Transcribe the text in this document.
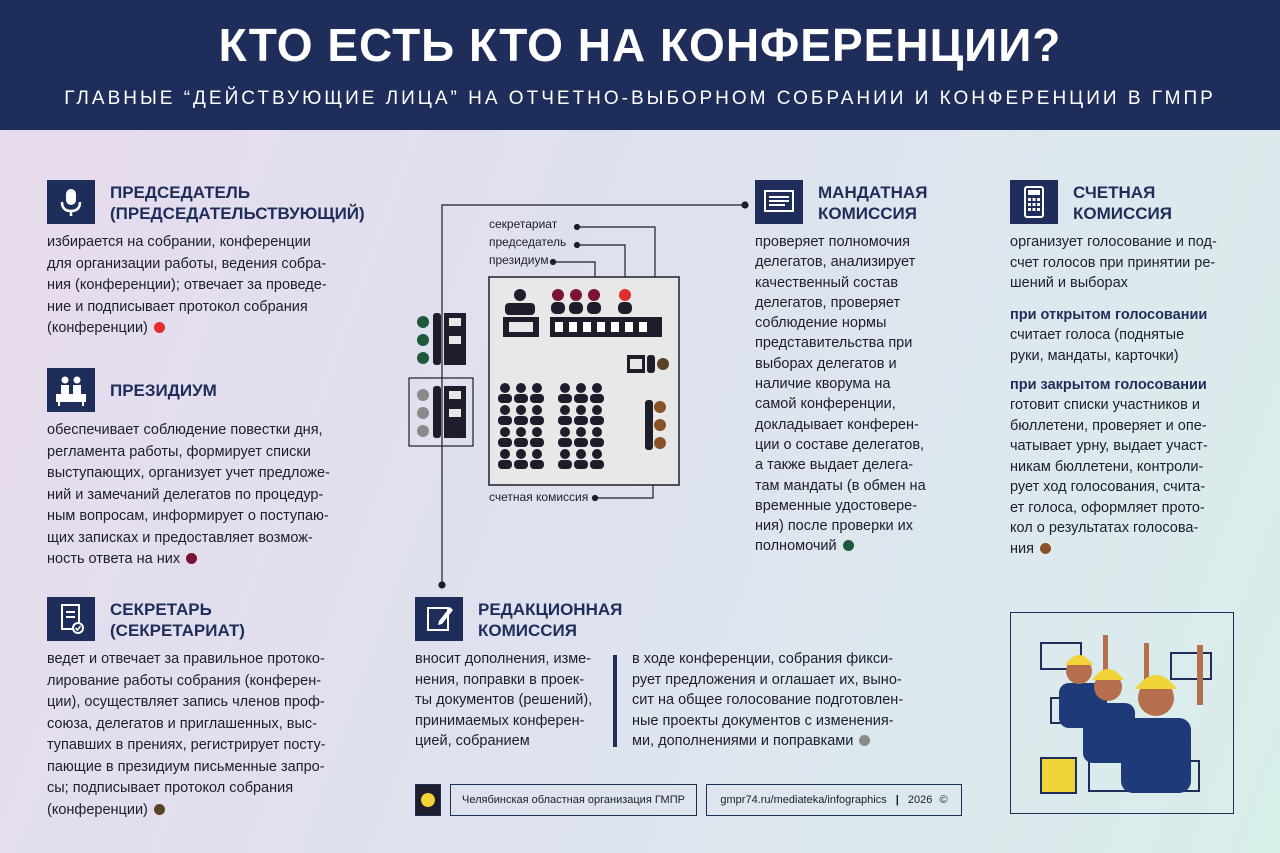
КТО ЕСТЬ КТО НА КОНФЕРЕНЦИИ?
ГЛАВНЫЕ “ДЕЙСТВУЮЩИЕ ЛИЦА” НА ОТЧЕТНО-ВЫБОРНОМ СОБРАНИИ И КОНФЕРЕНЦИИ В ГМПР
ПРЕДСЕДАТЕЛЬ
(ПРЕДСЕДАТЕЛЬСТВУЮЩИЙ)
избирается на собрании, конференции
для организации работы, ведения собра-
ния (конференции); отвечает за проведе-
ние и подписывает протокол собрания
(конференции)
ПРЕЗИДИУМ
обеспечивает соблюдение повестки дня,
регламента работы, формирует списки
выступающих, организует учет предложе-
ний и замечаний делегатов по процедур-
ным вопросам, информирует о поступаю-
щих записках и предоставляет возмож-
ность ответа на них
СЕКРЕТАРЬ
(СЕКРЕТАРИАТ)
ведет и отвечает за правильное протоко-
лирование работы собрания (конферен-
ции), осуществляет запись членов проф-
союза, делегатов и приглашенных, выс-
тупавших в прениях, регистрирует посту-
пающие в президиум письменные запро-
сы; подписывает протокол собрания
(конференции)
МАНДАТНАЯ
КОМИССИЯ
проверяет полномочия
делегатов, анализирует
качественный состав
делегатов, проверяет
соблюдение нормы
представительства при
выборах делегатов и
наличие кворума на
самой конференции,
докладывает конферен-
ции о составе делегатов,
а также выдает делега-
там мандаты (в обмен на
временные удостовере-
ния) после проверки их
полномочий
СЧЕТНАЯ
КОМИССИЯ
организует голосование и под-
счет голосов при принятии ре-
шений и выборах
при открытом голосовании
считает голоса (поднятые
руки, мандаты, карточки)
при закрытом голосовании
готовит списки участников и
бюллетени, проверяет и опе-
чатывает урну, выдает участ-
никам бюллетени, контроли-
рует ход голосования, счита-
ет голоса, оформляет прото-
кол о результатах голосова-
ния
РЕДАКЦИОННАЯ
КОМИССИЯ
вносит дополнения, изме-
нения, поправки в проек-
ты документов (решений),
принимаемых конферен-
цией, собранием
в ходе конференции, собрания фикси-
рует предложения и оглашает их, выно-
сит на общее голосование подготовлен-
ные проекты документов с изменения-
ми, дополнениями и поправками
секретариат
председатель
президиум
счетная комиссия
Челябинская областная организация ГМПР	gmpr74.ru/mediateka/infographics | 2026 ©
